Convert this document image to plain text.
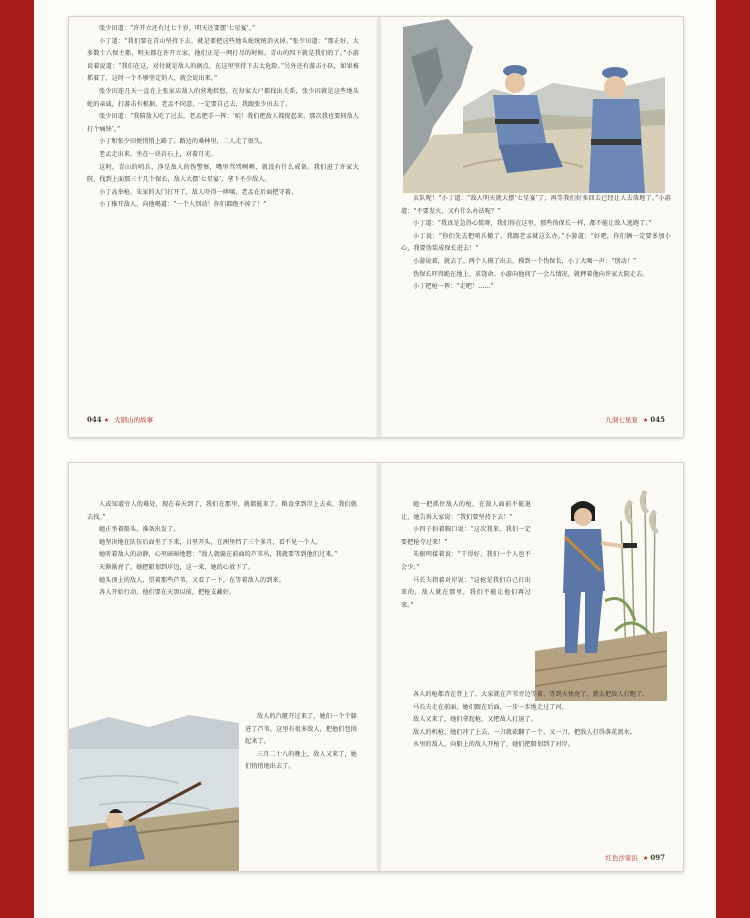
张少田道：“许开立还有过七十岁，明天还要摆‘七星宴’。”

小丁道：“我们要在青山坚持下去，就是要把这些地头蛇统统消灭掉。”张少田道：“那正好，大多数十八保主都，明天都在许开立家，他们正是一网打尽的时候。青山的四下就是我们的了。”小游说着说道：“我们在这，对付就是敌人的据点，在这里坚持下去太危险。”另外还有游击小队，如果被抓着了，这时一个不够坚定的人，就会说出来。”

张少田连几天一直在上张家店敌人的营地转悠，在每家大户都找出关系，张少田就是这些地头蛇的亲戚，打游击有根据，老孟不同意，一定要自己去，我跟张少田去了。

张少田道：“我陪敌人吃了过去，老孟把手一挥：‘咱！我们把敌人都捉起来，那次我也要同敌人打个痛快’。”

小丁和张少田便悄悄上路了。路边的桑林里，二人走了很久。

老孟走出来，坐在一块岩石上，对着月光。

这时，青山的哨兵，净是敌人的伪警察，嘴里骂骂咧咧，就没有什么戒备。我们进了许家大院，找到上面那三十几个保长，敌人大摆‘七星宴’，拿下不少敌人。

小丁高举枪，朱家的大门打开了，敌人吓得一哆嗦，老孟在后面把守着。

小丁推开敌人，向他喝道：“一个人别动！你们都跑不掉了！”

044 ★ 大钢山的故事

衣队呢！”小丁道：“敌人明天就大摆‘七星宴’了，再等我们好多回去已经让人去落地了。”小游道：“不要发火，又有什么办法呢？”

小丁道：“我真是急得心慌呀，我们得在这里，那些伪保长一样，都不能让敌人逃跑了。”

小丁说：“你们先去把哨兵撤了，我跟老孟就这么办。”小游道：“好吧，你们俩一定要多加小心，我要伪装成保长进去！”

小游说着，就去了。两个人摸了出去，摸到一个伪保长，小丁大喝一声：“别动！”

伪保长吓得跪在地上，求饶命。小游向他问了一会儿情况，就押着他向许家大院走去。

小丁把枪一挥：“走吧！……”

九洞七星宴 ★ 045

人或知道穷人的难处，现在春天到了，我们在那里，就都能来了。粮食拿到岸上去卖，我们就去找。”

她正坐着船头，准备出发了。

她坚决地在队伍后面坐了下来，日里开头，在洲里挡了三个多月，看不见一个人。

她听着敌人的动静，心里暗暗地想：“敌人就躲在前面的芦苇丛，我就要等到他们过来。”

天渐渐亮了，她把船划到岸边，这一来，她的心放下了。

她头顶上的敌人，望着那些芦苇，又看了一下，在等着敌人的到来。

各人开始行动，他们要在天黑以前，把枪支藏好。

敌人的汽艇开过来了，她们一个个躲进了芦苇，这里有很多敌人，把他们包围起来了。

三月二十八的晚上，敌人又来了，她们悄悄地出去了。

她一把抓住敌人的枪，在敌人面前不能退让，她告诉大家说：“我们要坚持下去！”

小四子拍着胸口说：“这次我来，我们一定要把枪夺过来！”

朱振明接着说：“干得好，我们一个人也不会少。”

马长夫指着对岸说：“这枪是我们自己打出来的，敌人就在那里，我们不能让他们再过来。”

各人的枪都背在背上了，大家就在芦苇旁边等着，等到天快亮了，就去把敌人打跑了。

马长夫走在前面，她们跟在后面，一步一步地走过了河。

敌人又来了，她们拿起枪，又把敌人打退了。

敌人的机枪，她们冲了上去，一刀就砍翻了一个，又一刀，把敌人打得落花流水。

水里的敌人，向船上的敌人开枪了，她们把船划到了对岸。

红色沙家浜 ★ 097
